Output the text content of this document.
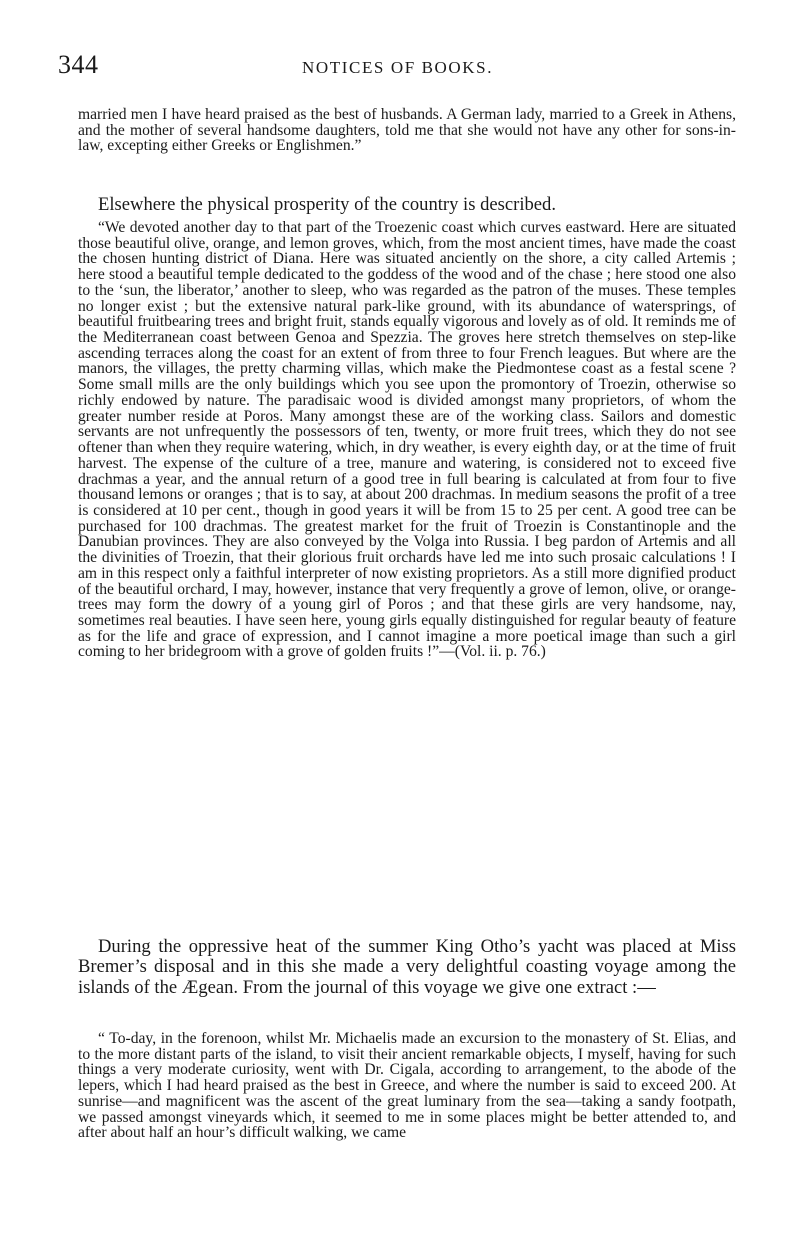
344	NOTICES OF BOOKS.

married men I have heard praised as the best of husbands. A German lady, married to a Greek in Athens, and the mother of several handsome daughters, told me that she would not have any other for sons-in-law, excepting either Greeks or Englishmen.”

Elsewhere the physical prosperity of the country is described.

“We devoted another day to that part of the Troezenic coast which curves eastward. Here are situated those beautiful olive, orange, and lemon groves, which, from the most ancient times, have made the coast the chosen hunting district of Diana. Here was situated anciently on the shore, a city called Artemis ; here stood a beautiful temple dedicated to the goddess of the wood and of the chase ; here stood one also to the ‘sun, the liberator,’ another to sleep, who was regarded as the patron of the muses. These temples no longer exist ; but the extensive natural park-like ground, with its abundance of watersprings, of beautiful fruitbearing trees and bright fruit, stands equally vigorous and lovely as of old. It reminds me of the Mediterranean coast between Genoa and Spezzia. The groves here stretch themselves on step-like ascending terraces along the coast for an extent of from three to four French leagues. But where are the manors, the villages, the pretty charming villas, which make the Piedmontese coast as a festal scene ? Some small mills are the only buildings which you see upon the promontory of Troezin, otherwise so richly endowed by nature. The paradisaic wood is divided amongst many proprietors, of whom the greater number reside at Poros. Many amongst these are of the working class. Sailors and domestic servants are not unfrequently the possessors of ten, twenty, or more fruit trees, which they do not see oftener than when they require watering, which, in dry weather, is every eighth day, or at the time of fruit harvest. The expense of the culture of a tree, manure and watering, is considered not to exceed five drachmas a year, and the annual return of a good tree in full bearing is calculated at from four to five thousand lemons or oranges ; that is to say, at about 200 drachmas. In medium seasons the profit of a tree is considered at 10 per cent., though in good years it will be from 15 to 25 per cent. A good tree can be purchased for 100 drachmas. The greatest market for the fruit of Troezin is Constantinople and the Danubian provinces. They are also conveyed by the Volga into Russia. I beg pardon of Artemis and all the divinities of Troezin, that their glorious fruit orchards have led me into such prosaic calculations ! I am in this respect only a faithful interpreter of now existing proprietors. As a still more dignified product of the beautiful orchard, I may, however, instance that very frequently a grove of lemon, olive, or orange-trees may form the dowry of a young girl of Poros ; and that these girls are very handsome, nay, sometimes real beauties. I have seen here, young girls equally distinguished for regular beauty of feature as for the life and grace of expression, and I cannot imagine a more poetical image than such a girl coming to her bridegroom with a grove of golden fruits !”—(Vol. ii. p. 76.)

During the oppressive heat of the summer King Otho’s yacht was placed at Miss Bremer’s disposal and in this she made a very delightful coasting voyage among the islands of the Ægean. From the journal of this voyage we give one extract :—

“ To-day, in the forenoon, whilst Mr. Michaelis made an excursion to the monastery of St. Elias, and to the more distant parts of the island, to visit their ancient remarkable objects, I myself, having for such things a very moderate curiosity, went with Dr. Cigala, according to arrangement, to the abode of the lepers, which I had heard praised as the best in Greece, and where the number is said to exceed 200. At sunrise—and magnificent was the ascent of the great luminary from the sea—taking a sandy footpath, we passed amongst vineyards which, it seemed to me in some places might be better attended to, and after about half an hour’s difficult walking, we came
